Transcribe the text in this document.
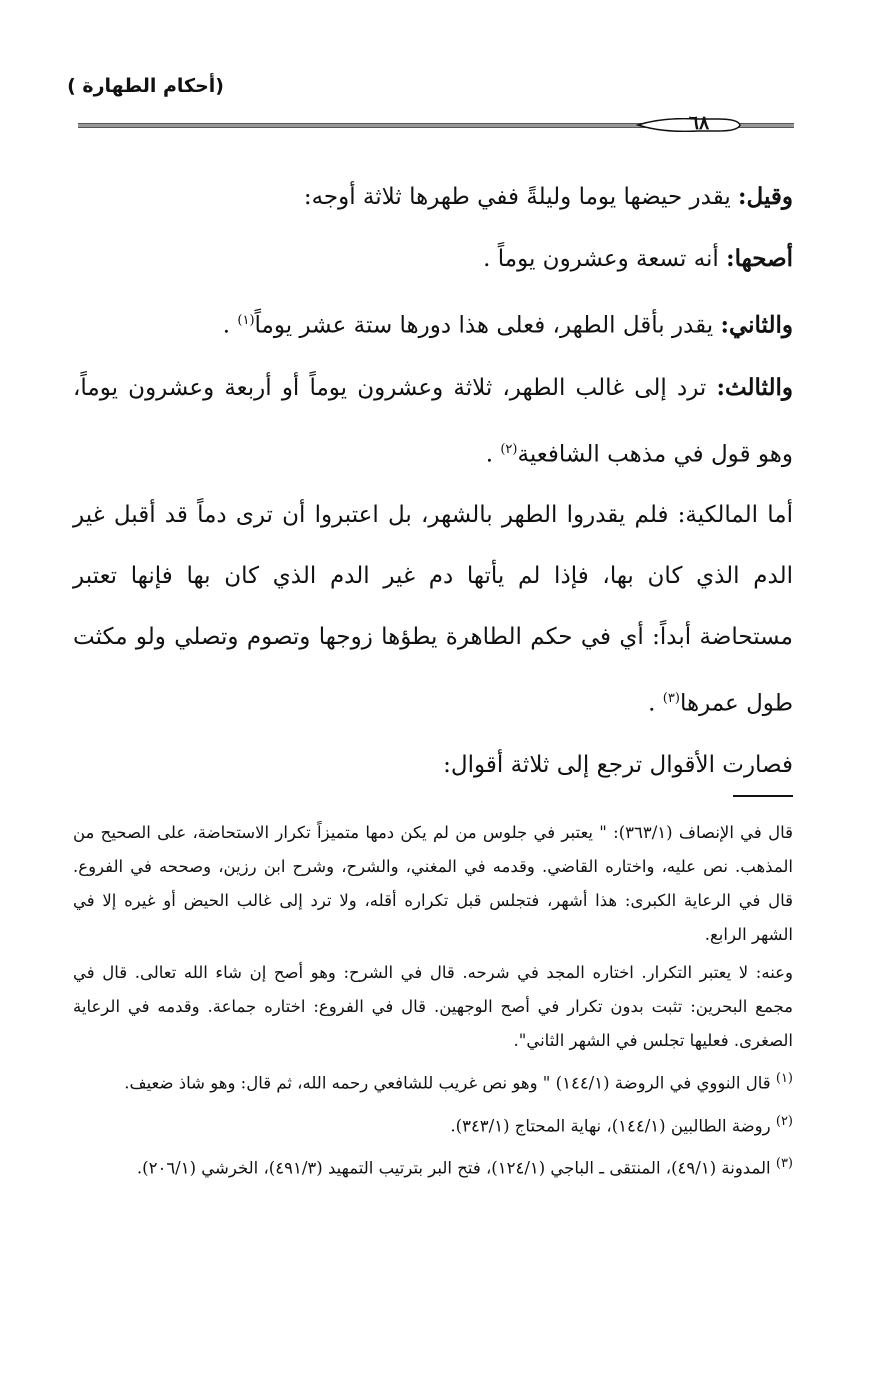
(أحكام الطهارة )
٦٨

وقيل: يقدر حيضها يوما وليلةً ففي طهرها ثلاثة أوجه:

أصحها: أنه تسعة وعشرون يوماً .

والثاني: يقدر بأقل الطهر، فعلى هذا دورها ستة عشر يوماً$^{(١)}$ .

والثالث: ترد إلى غالب الطهر، ثلاثة وعشرون يوماً أو أربعة وعشرون يوماً، وهو قول في مذهب الشافعية$^{(٢)}$ .

أما المالكية: فلم يقدروا الطهر بالشهر، بل اعتبروا أن ترى دماً قد أقبل غير الدم الذي كان بها، فإذا لم يأتها دم غير الدم الذي كان بها فإنها تعتبر مستحاضة أبداً: أي في حكم الطاهرة يطؤها زوجها وتصوم وتصلي ولو مكثت طول عمرها$^{(٣)}$ .

فصارت الأقوال ترجع إلى ثلاثة أقوال:

قال في الإنصاف (٣٦٣/١): " يعتبر في جلوس من لم يكن دمها متميزاً تكرار الاستحاضة، على الصحيح من المذهب. نص عليه، واختاره القاضي. وقدمه في المغني، والشرح، وشرح ابن رزين، وصححه في الفروع. قال في الرعاية الكبرى: هذا أشهر، فتجلس قبل تكراره أقله، ولا ترد إلى غالب الحيض أو غيره إلا في الشهر الرابع.

وعنه: لا يعتبر التكرار. اختاره المجد في شرحه. قال في الشرح: وهو أصح إن شاء الله تعالى. قال في مجمع البحرين: تثبت بدون تكرار في أصح الوجهين. قال في الفروع: اختاره جماعة. وقدمه في الرعاية الصغرى. فعليها تجلس في الشهر الثاني".

$^{(١)}$ قال النووي في الروضة (١٤٤/١) " وهو نص غريب للشافعي رحمه الله، ثم قال: وهو شاذ ضعيف.

$^{(٢)}$ روضة الطالبين (١٤٤/١)، نهاية المحتاج (٣٤٣/١).

$^{(٣)}$ المدونة (٤٩/١)، المنتقى ـ الباجي (١٢٤/١)، فتح البر بترتيب التمهيد (٤٩١/٣)، الخرشي (٢٠٦/١).
